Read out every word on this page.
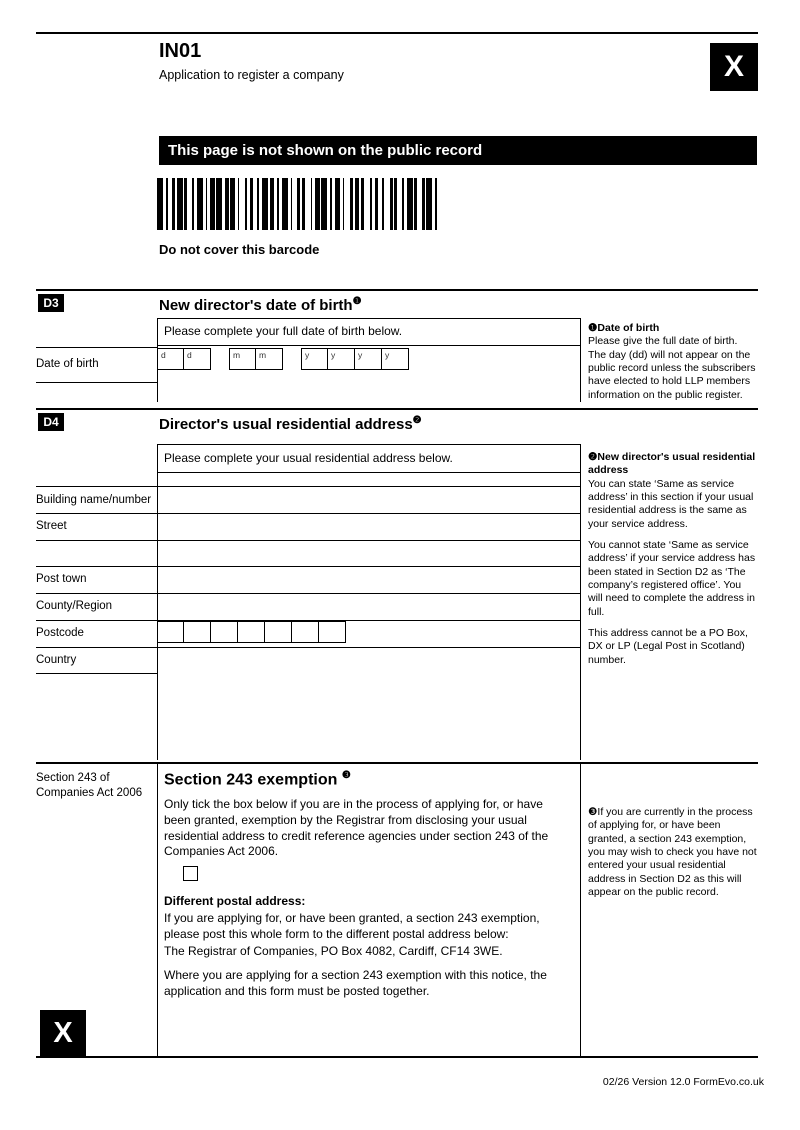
IN01
Application to register a company	X
This page is not shown on the public record
Do not cover this barcode
D3	New director's date of birth$^❶$
Please complete your full date of birth below.
Date of birth
d	d	m m	y	y	y	y

❶Date of birth
Please give the full date of birth. The day (dd) will not appear on the public record unless the subscribers have elected to hold LLP members information on the public register.

D4	Director's usual residential address$^❷$
Please complete your usual residential address below.
Building name/number
Street
Post town
County/Region
Postcode
Country

❷New director's usual residential address
You can state ‘Same as service address’ in this section if your usual residential address is the same as your service address.

You cannot state ‘Same as service address’ if your service address has been stated in Section D2 as ‘The company’s registered office’. You will need to complete the address in full.

This address cannot be a PO Box, DX or LP (Legal Post in Scotland) number.

Section 243 of
Companies Act 2006
Section 243 exemption $^❸$
Only tick the box below if you are in the process of applying for, or have been granted, exemption by the Registrar from disclosing your usual residential address to credit reference agencies under section 243 of the Companies Act 2006.
Different postal address:
If you are applying for, or have been granted, a section 243 exemption, please post this whole form to the different postal address below:
The Registrar of Companies, PO Box 4082, Cardiff, CF14 3WE.
Where you are applying for a section 243 exemption with this notice, the application and this form must be posted together.

❸If you are currently in the process of applying for, or have been granted, a section 243 exemption, you may wish to check you have not entered your usual residential address in Section D2 as this will appear on the public record.

X
02/26 Version 12.0 FormEvo.co.uk
